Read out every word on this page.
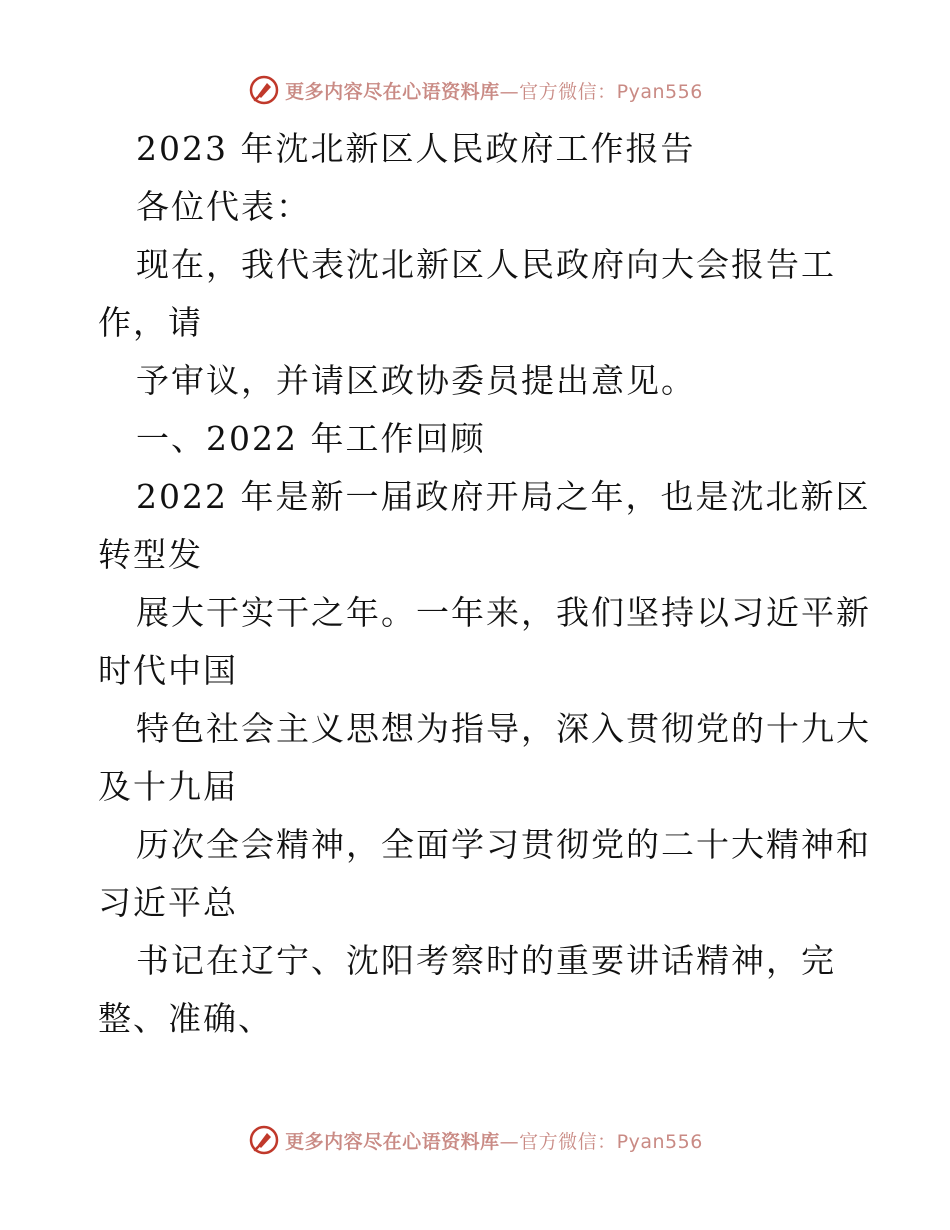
更多内容尽在心语资料库—官方微信：Pyan556
2023 年沈北新区人民政府工作报告
各位代表：
现在，我代表沈北新区人民政府向大会报告工
作，请
予审议，并请区政协委员提出意见。
一、2022 年工作回顾
2022 年是新一届政府开局之年，也是沈北新区
转型发
展大干实干之年。一年来，我们坚持以习近平新
时代中国
特色社会主义思想为指导，深入贯彻党的十九大
及十九届
历次全会精神，全面学习贯彻党的二十大精神和
习近平总
书记在辽宁、沈阳考察时的重要讲话精神，完
整、准确、
更多内容尽在心语资料库—官方微信：Pyan556
